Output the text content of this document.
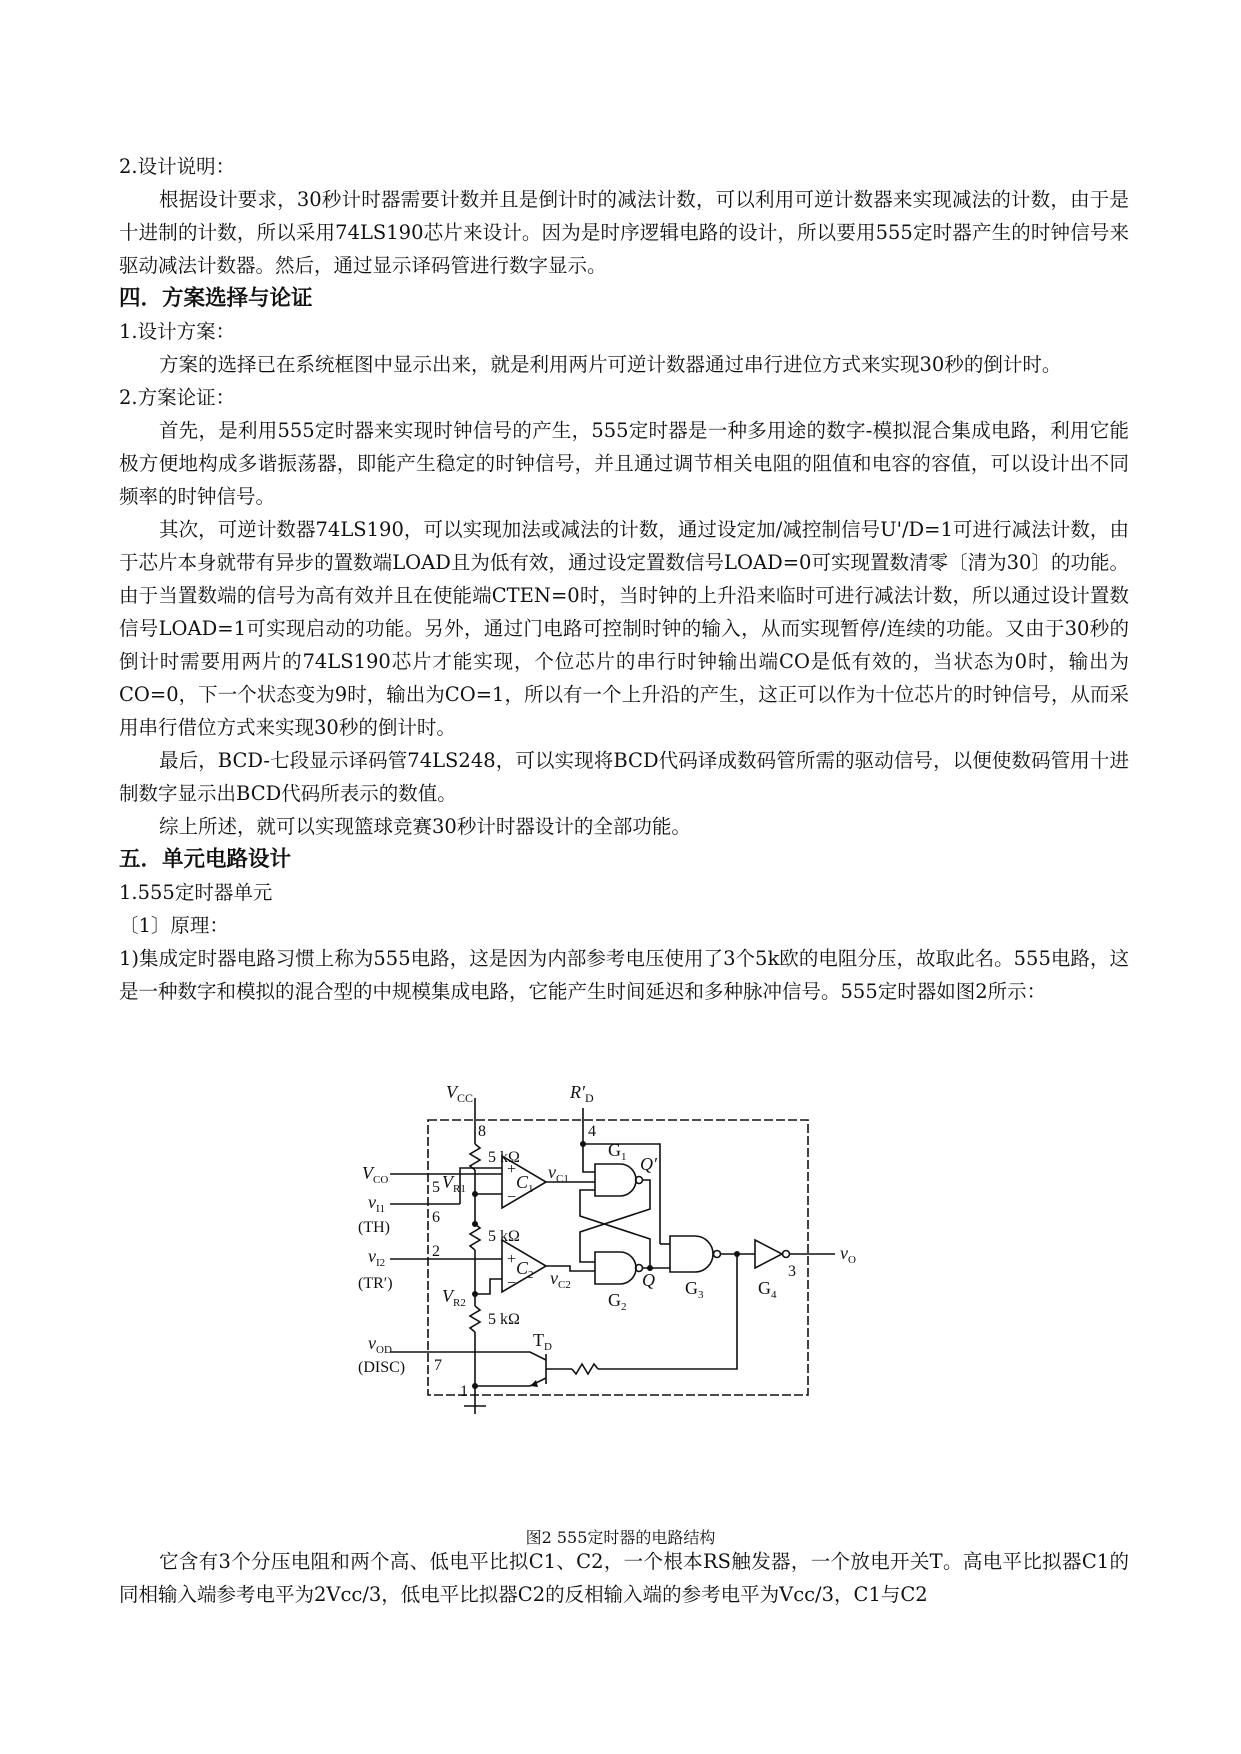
2.设计说明：

根据设计要求，30秒计时器需要计数并且是倒计时的减法计数，可以利用可逆计数器来实现减法的计数，由于是十进制的计数，所以采用74LS190芯片来设计。因为是时序逻辑电路的设计，所以要用555定时器产生的时钟信号来驱动减法计数器。然后，通过显示译码管进行数字显示。

四．方案选择与论证

1.设计方案：

方案的选择已在系统框图中显示出来，就是利用两片可逆计数器通过串行进位方式来实现30秒的倒计时。

2.方案论证：

首先，是利用555定时器来实现时钟信号的产生，555定时器是一种多用途的数字-模拟混合集成电路，利用它能极方便地构成多谐振荡器，即能产生稳定的时钟信号，并且通过调节相关电阻的阻值和电容的容值，可以设计出不同频率的时钟信号。

其次，可逆计数器74LS190，可以实现加法或减法的计数，通过设定加/减控制信号U'/D=1可进行减法计数，由于芯片本身就带有异步的置数端LOAD且为低有效，通过设定置数信号LOAD=0可实现置数清零〔清为30〕的功能。由于当置数端的信号为高有效并且在使能端CTEN=0时，当时钟的上升沿来临时可进行减法计数，所以通过设计置数信号LOAD=1可实现启动的功能。另外，通过门电路可控制时钟的输入，从而实现暂停/连续的功能。又由于30秒的倒计时需要用两片的74LS190芯片才能实现，个位芯片的串行时钟输出端CO是低有效的，当状态为0时，输出为CO=0，下一个状态变为9时，输出为CO=1，所以有一个上升沿的产生，这正可以作为十位芯片的时钟信号，从而采用串行借位方式来实现30秒的倒计时。

最后，BCD-七段显示译码管74LS248，可以实现将BCD代码译成数码管所需的驱动信号，以便使数码管用十进制数字显示出BCD代码所表示的数值。

综上所述，就可以实现篮球竞赛30秒计时器设计的全部功能。

五．单元电路设计

1.555定时器单元

〔1〕原理：

1)集成定时器电路习惯上称为555电路，这是因为内部参考电压使用了3个5k欧的电阻分压，故取此名。555电路，这是一种数字和模拟的混合型的中规模集成电路，它能产生时间延迟和多种脉冲信号。555定时器如图2所示：

$V_{CC}$	$R'_D$
8	4
5 kΩ
5 kΩ
5 kΩ
$V_{R1}$
$V_{R2}$
$V_{CO}$	5
$v_{I1}$	6
(TH)
$v_{I2}$
2
(TR′)
$v_{OD}$
(DISC) 7
1
+
−
$C_1$
+
−
$C_2$
$v_{C1}$
$v_{C2}$
$G_1$
$G_2$
$G_3$	$G_4$
Q′
Q
$T_D$
3
$v_O$
图2 555定时器的电路结构

它含有3个分压电阻和两个高、低电平比拟C1、C2，一个根本RS触发器，一个放电开关T。高电平比拟器C1的同相输入端参考电平为2Vcc/3，低电平比拟器C2的反相输入端的参考电平为Vcc/3，C1与C2
